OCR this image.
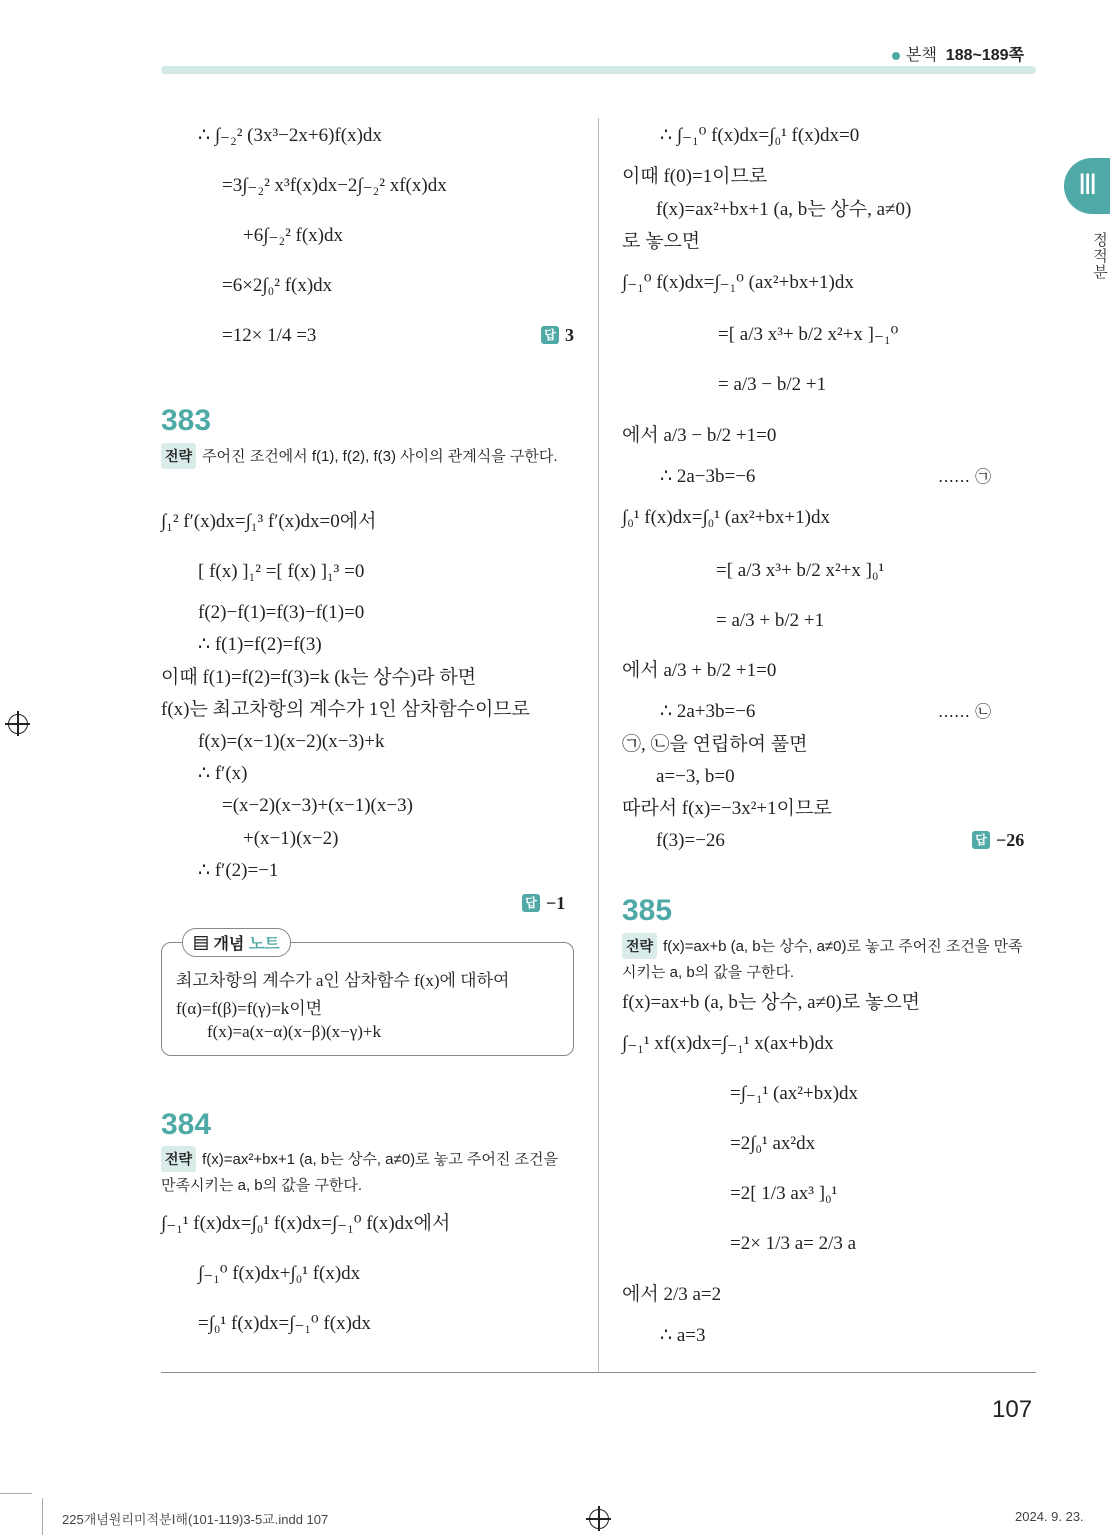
본책 188~189쪽
Ⅲ
정적분
∴ ∫₋₂² (3x³−2x+6)f(x)dx
=3∫₋₂² x³f(x)dx−2∫₋₂² xf(x)dx
+6∫₋₂² f(x)dx
=6×2∫₀² f(x)dx
=12× 1/4 =3	답 3
383
전략 주어진 조건에서 f(1), f(2), f(3) 사이의 관계식을 구한다.
∫₁² f′(x)dx=∫₁³ f′(x)dx=0에서
[ f(x) ]₁² =[ f(x) ]₁³ =0
f(2)−f(1)=f(3)−f(1)=0
∴ f(1)=f(2)=f(3)
이때 f(1)=f(2)=f(3)=k (k는 상수)라 하면
f(x)는 최고차항의 계수가 1인 삼차함수이므로
f(x)=(x−1)(x−2)(x−3)+k
∴ f′(x)
=(x−2)(x−3)+(x−1)(x−3)
+(x−1)(x−2)
∴ f′(2)=−1
답 −1
▤ 개념 노트
최고차항의 계수가 a인 삼차함수 f(x)에 대하여
f(α)=f(β)=f(γ)=k이면
f(x)=a(x−α)(x−β)(x−γ)+k
384
전략 f(x)=ax²+bx+1 (a, b는 상수, a≠0)로 놓고 주어진 조건을 만족시키는 a, b의 값을 구한다.
∫₋₁¹ f(x)dx=∫₀¹ f(x)dx=∫₋₁⁰ f(x)dx에서
∫₋₁⁰ f(x)dx+∫₀¹ f(x)dx
=∫₀¹ f(x)dx=∫₋₁⁰ f(x)dx
∴ ∫₋₁⁰ f(x)dx=∫₀¹ f(x)dx=0
이때 f(0)=1이므로
f(x)=ax²+bx+1 (a, b는 상수, a≠0)
로 놓으면
∫₋₁⁰ f(x)dx=∫₋₁⁰ (ax²+bx+1)dx
=[ a/3 x³+ b/2 x²+x ]₋₁⁰
= a/3 − b/2 +1
에서 a/3 − b/2 +1=0
∴ 2a−3b=−6	…… ㉠
∫₀¹ f(x)dx=∫₀¹ (ax²+bx+1)dx
=[ a/3 x³+ b/2 x²+x ]₀¹
= a/3 + b/2 +1
에서 a/3 + b/2 +1=0
∴ 2a+3b=−6	…… ㉡
㉠, ㉡을 연립하여 풀면
a=−3, b=0
따라서 f(x)=−3x²+1이므로
f(3)=−26	답 −26
385
전략 f(x)=ax+b (a, b는 상수, a≠0)로 놓고 주어진 조건을 만족시키는 a, b의 값을 구한다.
f(x)=ax+b (a, b는 상수, a≠0)로 놓으면
∫₋₁¹ xf(x)dx=∫₋₁¹ x(ax+b)dx
=∫₋₁¹ (ax²+bx)dx
=2∫₀¹ ax²dx
=2[ 1/3 ax³ ]₀¹
=2× 1/3 a= 2/3 a
에서 2/3 a=2
∴ a=3
107
225개념원리미적분Ⅰ해(101-119)3-5교.indd 107	2024. 9. 23.
